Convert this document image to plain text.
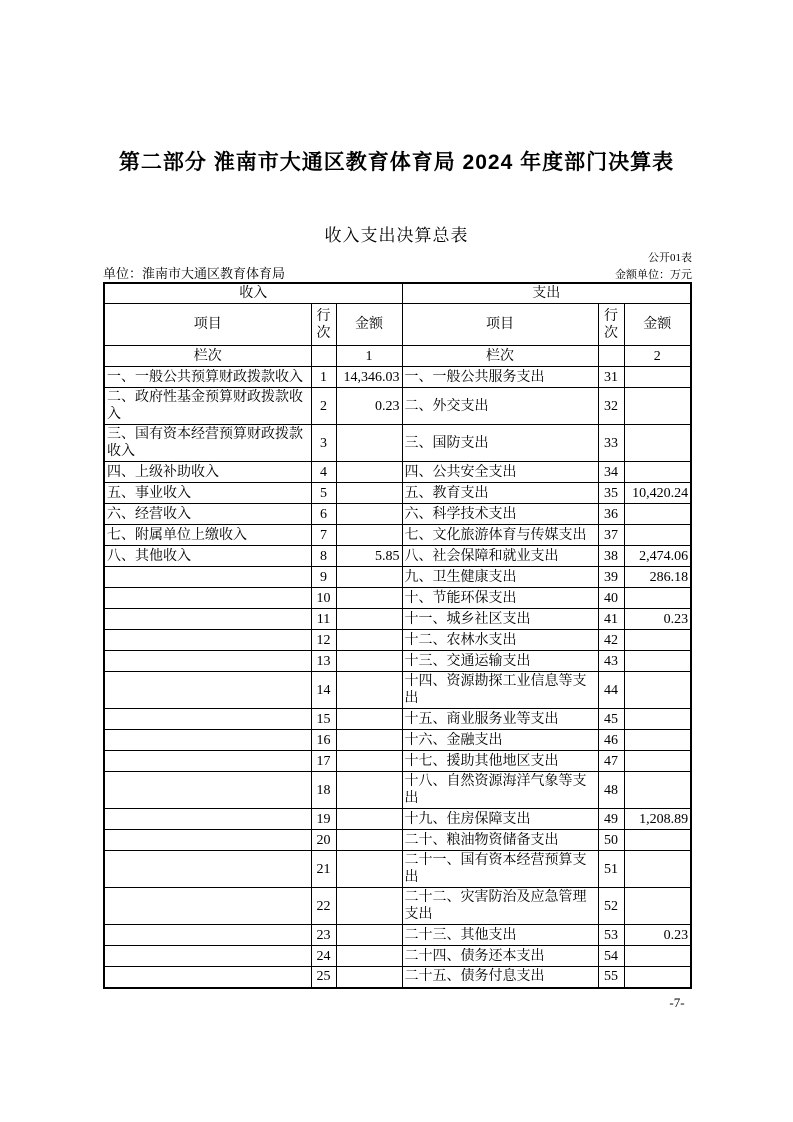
第二部分 淮南市大通区教育体育局 2024 年度部门决算表
收入支出决算总表
公开01表
单位：淮南市大通区教育体育局	金额单位：万元
收入			支出		
项目	行次	金额	项目	行次	金额
栏次		1	栏次		2
一、一般公共预算财政拨款收入	1	14,346.03	一、一般公共服务支出	31	
二、政府性基金预算财政拨款收入	2	0.23	二、外交支出	32	
三、国有资本经营预算财政拨款收入	3		三、国防支出	33	
四、上级补助收入	4		四、公共安全支出	34	
五、事业收入	5		五、教育支出	35	10,420.24
六、经营收入	6		六、科学技术支出	36	
七、附属单位上缴收入	7		七、文化旅游体育与传媒支出	37	
八、其他收入	8	5.85	八、社会保障和就业支出	38	2,474.06
	9		九、卫生健康支出	39	286.18
	10		十、节能环保支出	40	
	11		十一、城乡社区支出	41	0.23
	12		十二、农林水支出	42	
	13		十三、交通运输支出	43	
	14		十四、资源勘探工业信息等支出	44	
	15		十五、商业服务业等支出	45	
	16		十六、金融支出	46	
	17		十七、援助其他地区支出	47	
	18		十八、自然资源海洋气象等支出	48	
	19		十九、住房保障支出	49	1,208.89
	20		二十、粮油物资储备支出	50	
	21		二十一、国有资本经营预算支出	51	
	22		二十二、灾害防治及应急管理支出	52	
	23		二十三、其他支出	53	0.23
	24		二十四、债务还本支出	54	
	25		二十五、债务付息支出	55	
-7-
